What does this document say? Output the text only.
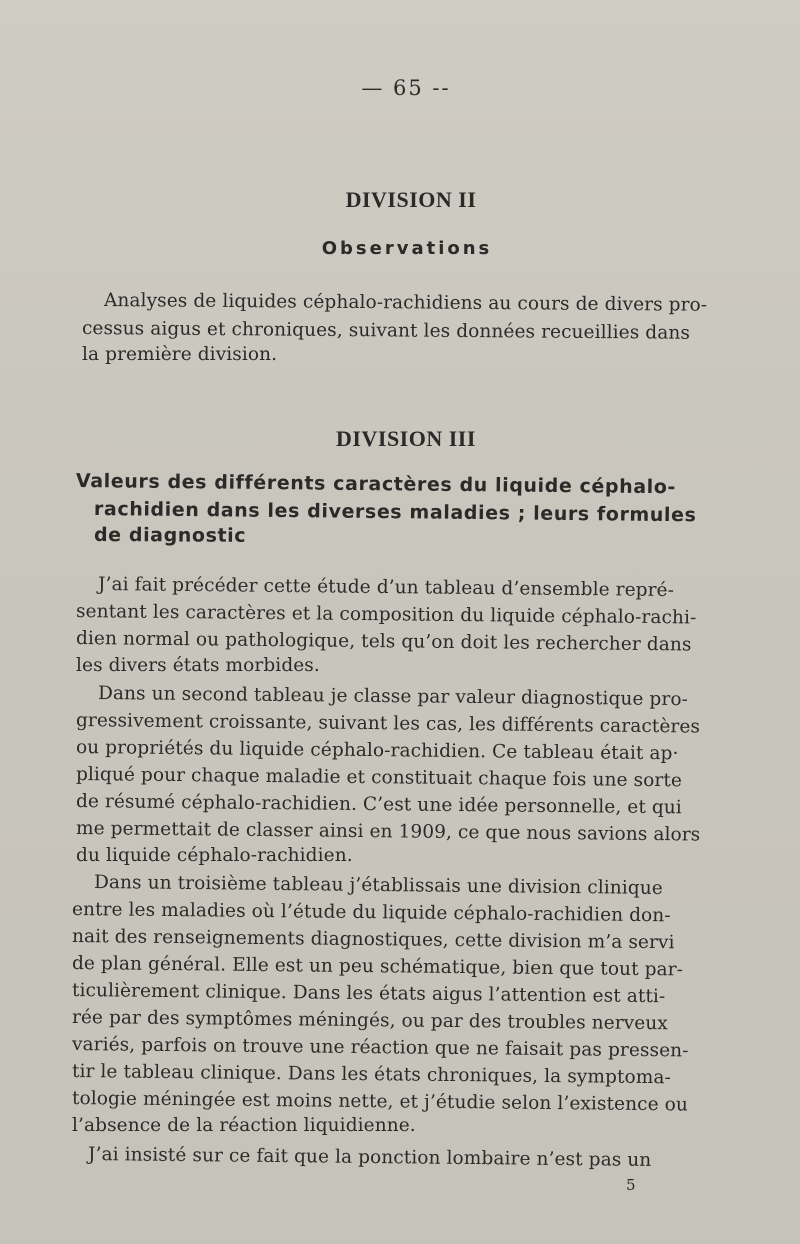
— 65 --
DIVISION II
Observations
Analyses de liquides céphalo-rachidiens au cours de divers pro-
cessus aigus et chroniques, suivant les données recueillies dans
la première division.
DIVISION III
Valeurs des différents caractères du liquide céphalo-
rachidien dans les diverses maladies ; leurs formules
de diagnostic
J’ai fait précéder cette étude d’un tableau d’ensemble repré-
sentant les caractères et la composition du liquide céphalo-rachi-
dien normal ou pathologique, tels qu’on doit les rechercher dans
les divers états morbides.
Dans un second tableau je classe par valeur diagnostique pro-
gressivement croissante, suivant les cas, les différents caractères
ou propriétés du liquide céphalo-rachidien. Ce tableau était ap·
pliqué pour chaque maladie et constituait chaque fois une sorte
de résumé céphalo-rachidien. C’est une idée personnelle, et qui
me permettait de classer ainsi en 1909, ce que nous savions alors
du liquide céphalo-rachidien.
Dans un troisième tableau j’établissais une division clinique
entre les maladies où l’étude du liquide céphalo-rachidien don-
nait des renseignements diagnostiques, cette division m’a servi
de plan général. Elle est un peu schématique, bien que tout par-
ticulièrement clinique. Dans les états aigus l’attention est atti-
rée par des symptômes méningés, ou par des troubles nerveux
variés, parfois on trouve une réaction que ne faisait pas pressen-
tir le tableau clinique. Dans les états chroniques, la symptoma-
tologie méningée est moins nette, et j’étudie selon l’existence ou
l’absence de la réaction liquidienne.
J’ai insisté sur ce fait que la ponction lombaire n’est pas un
5
